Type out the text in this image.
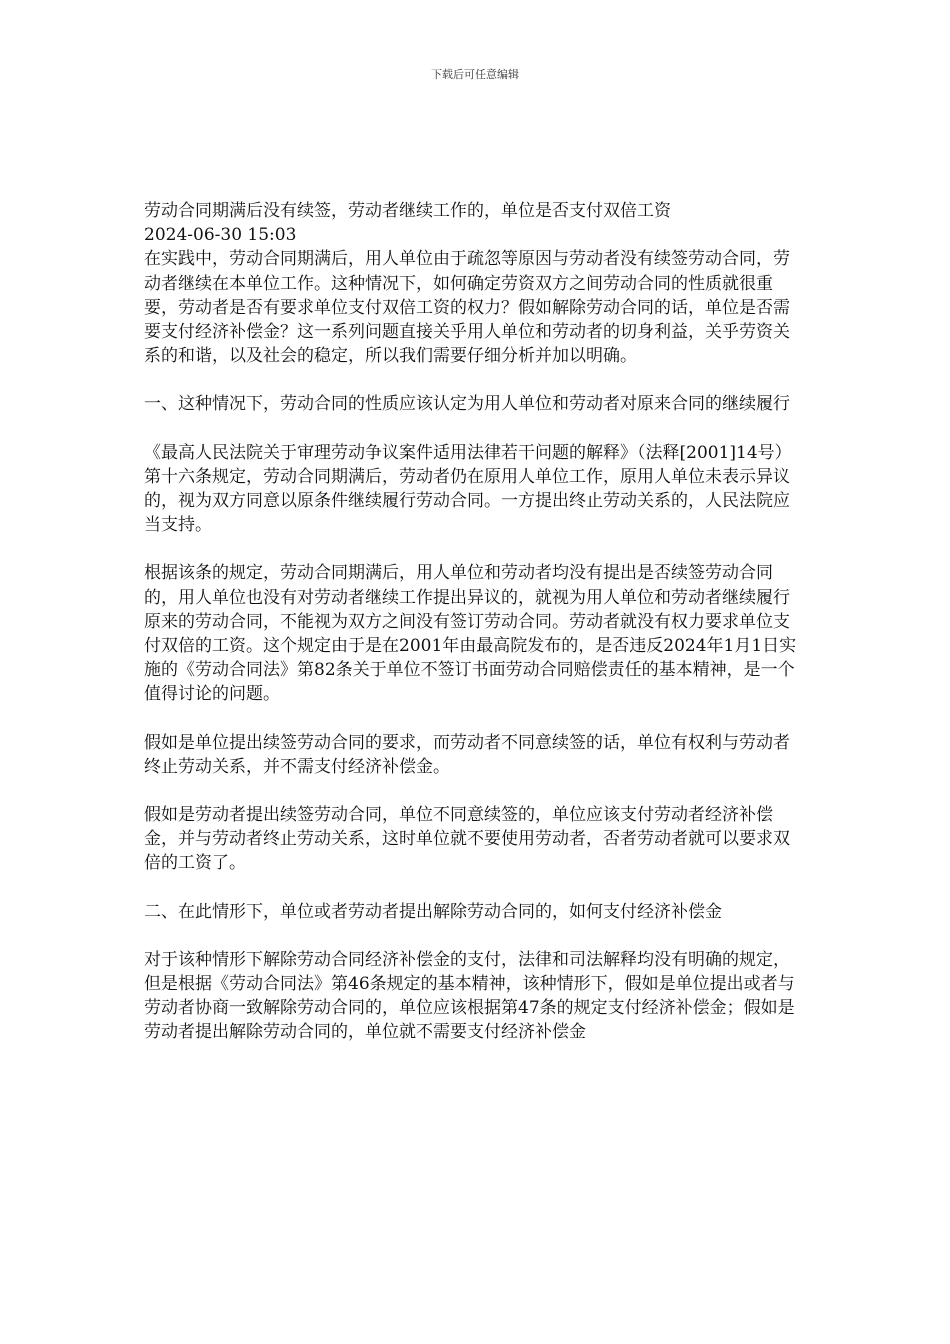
下载后可任意编辑

劳动合同期满后没有续签，劳动者继续工作的，单位是否支付双倍工资

2024-06-30 15:03

在实践中，劳动合同期满后，用人单位由于疏忽等原因与劳动者没有续签劳动合同，劳动者继续在本单位工作。这种情况下，如何确定劳资双方之间劳动合同的性质就很重要，劳动者是否有要求单位支付双倍工资的权力？假如解除劳动合同的话，单位是否需要支付经济补偿金？这一系列问题直接关乎用人单位和劳动者的切身利益，关乎劳资关系的和谐，以及社会的稳定，所以我们需要仔细分析并加以明确。

一、这种情况下，劳动合同的性质应该认定为用人单位和劳动者对原来合同的继续履行

《最高人民法院关于审理劳动争议案件适用法律若干问题的解释》（法释[2001]14号）第十六条规定，劳动合同期满后，劳动者仍在原用人单位工作，原用人单位未表示异议的，视为双方同意以原条件继续履行劳动合同。一方提出终止劳动关系的，人民法院应当支持。

根据该条的规定，劳动合同期满后，用人单位和劳动者均没有提出是否续签劳动合同的，用人单位也没有对劳动者继续工作提出异议的，就视为用人单位和劳动者继续履行原来的劳动合同，不能视为双方之间没有签订劳动合同。劳动者就没有权力要求单位支付双倍的工资。这个规定由于是在2001年由最高院发布的，是否违反2024年1月1日实施的《劳动合同法》第82条关于单位不签订书面劳动合同赔偿责任的基本精神，是一个值得讨论的问题。

假如是单位提出续签劳动合同的要求，而劳动者不同意续签的话，单位有权利与劳动者终止劳动关系，并不需支付经济补偿金。

假如是劳动者提出续签劳动合同，单位不同意续签的，单位应该支付劳动者经济补偿金，并与劳动者终止劳动关系，这时单位就不要使用劳动者，否者劳动者就可以要求双倍的工资了。

二、在此情形下，单位或者劳动者提出解除劳动合同的，如何支付经济补偿金

对于该种情形下解除劳动合同经济补偿金的支付，法律和司法解释均没有明确的规定，但是根据《劳动合同法》第46条规定的基本精神，该种情形下，假如是单位提出或者与劳动者协商一致解除劳动合同的，单位应该根据第47条的规定支付经济补偿金；假如是劳动者提出解除劳动合同的，单位就不需要支付经济补偿金
